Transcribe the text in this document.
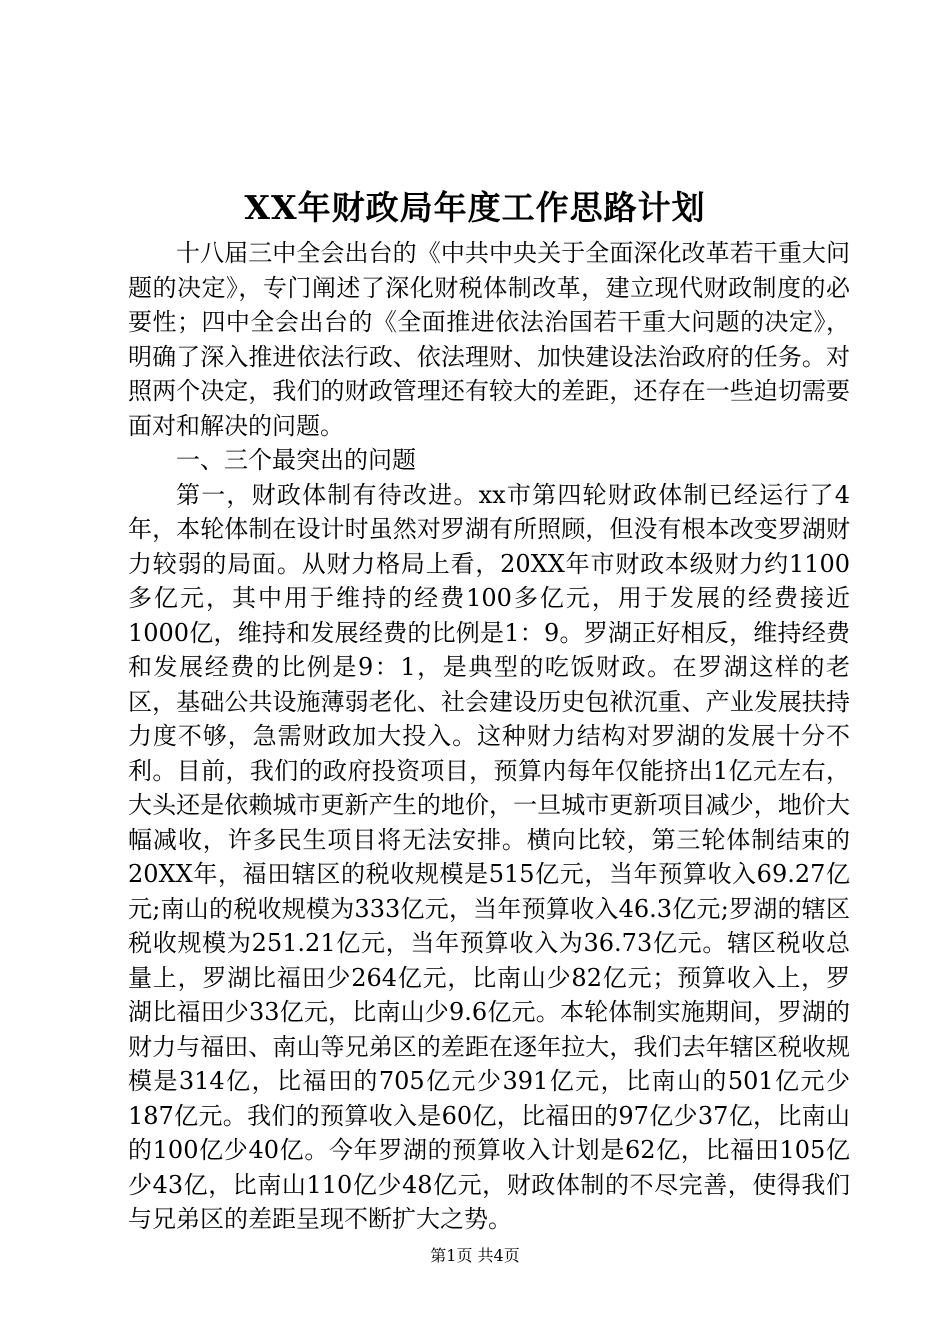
XX年财政局年度工作思路计划

十八届三中全会出台的《中共中央关于全面深化改革若干重大问题的决定》，专门阐述了深化财税体制改革，建立现代财政制度的必要性；四中全会出台的《全面推进依法治国若干重大问题的决定》，明确了深入推进依法行政、依法理财、加快建设法治政府的任务。对照两个决定，我们的财政管理还有较大的差距，还存在一些迫切需要面对和解决的问题。

一、三个最突出的问题

第一，财政体制有待改进。xx市第四轮财政体制已经运行了4年，本轮体制在设计时虽然对罗湖有所照顾，但没有根本改变罗湖财力较弱的局面。从财力格局上看，20XX年市财政本级财力约1100多亿元，其中用于维持的经费100多亿元，用于发展的经费接近1000亿，维持和发展经费的比例是1：9。罗湖正好相反，维持经费和发展经费的比例是9：1，是典型的吃饭财政。在罗湖这样的老区，基础公共设施薄弱老化、社会建设历史包袱沉重、产业发展扶持力度不够，急需财政加大投入。这种财力结构对罗湖的发展十分不利。目前，我们的政府投资项目，预算内每年仅能挤出1亿元左右，大头还是依赖城市更新产生的地价，一旦城市更新项目减少，地价大幅减收，许多民生项目将无法安排。横向比较，第三轮体制结束的20XX年，福田辖区的税收规模是515亿元，当年预算收入69.27亿元;南山的税收规模为333亿元，当年预算收入46.3亿元;罗湖的辖区税收规模为251.21亿元，当年预算收入为36.73亿元。辖区税收总量上，罗湖比福田少264亿元，比南山少82亿元；预算收入上，罗湖比福田少33亿元，比南山少9.6亿元。本轮体制实施期间，罗湖的财力与福田、南山等兄弟区的差距在逐年拉大，我们去年辖区税收规模是314亿，比福田的705亿元少391亿元，比南山的501亿元少187亿元。我们的预算收入是60亿，比福田的97亿少37亿，比南山的100亿少40亿。今年罗湖的预算收入计划是62亿，比福田105亿少43亿，比南山110亿少48亿元，财政体制的不尽完善，使得我们与兄弟区的差距呈现不断扩大之势。

第1页 共4页
